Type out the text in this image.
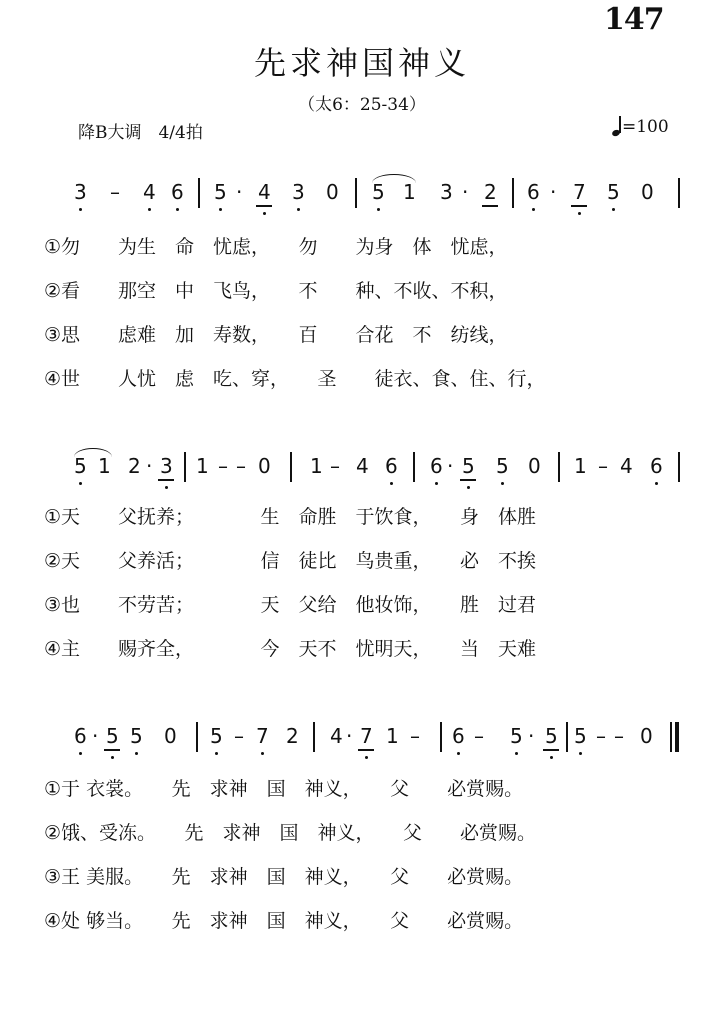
147
先求神国神义
（太6：25-34）
降B大调　4/4拍	=100
3 – 4 6 5 · 4 3 0 5 1 3 · 2 6 · 7 5 0
①勿　　为生　命　忧虑，　　勿　　为身　体　忧虑，
②看　　那空　中　飞鸟，　　不　　种、不收、不积，
③思　　虑难　加　寿数，　　百　　合花　不　纺线，
④世　　人忧　虑　吃、穿，　　圣　　徒衣、食、住、行，
5 1 2 · 3 1 – – 0 1 – 4 6 6 · 5 5 0 1 – 4 6
①天　　父抚养；　　　　生　命胜　于饮食，　　身　体胜
②天　　父养活；　　　　信　徒比　鸟贵重，　　必　不挨
③也　　不劳苦；　　　　天　父给　他妆饰，　　胜　过君
④主　　赐齐全，　　　　今　天不　忧明天，　　当　天难
6 · 5 5 0 5 – 7 2 4 · 7 1 – 6 – 5 · 5 5 – – 0
①于 衣裳。　　先　求神　国　神义，　　父　　必赏赐。
②饿、受冻。　　先　求神　国　神义，　　父　　必赏赐。
③王 美服。　　先　求神　国　神义，　　父　　必赏赐。
④处 够当。　　先　求神　国　神义，　　父　　必赏赐。
